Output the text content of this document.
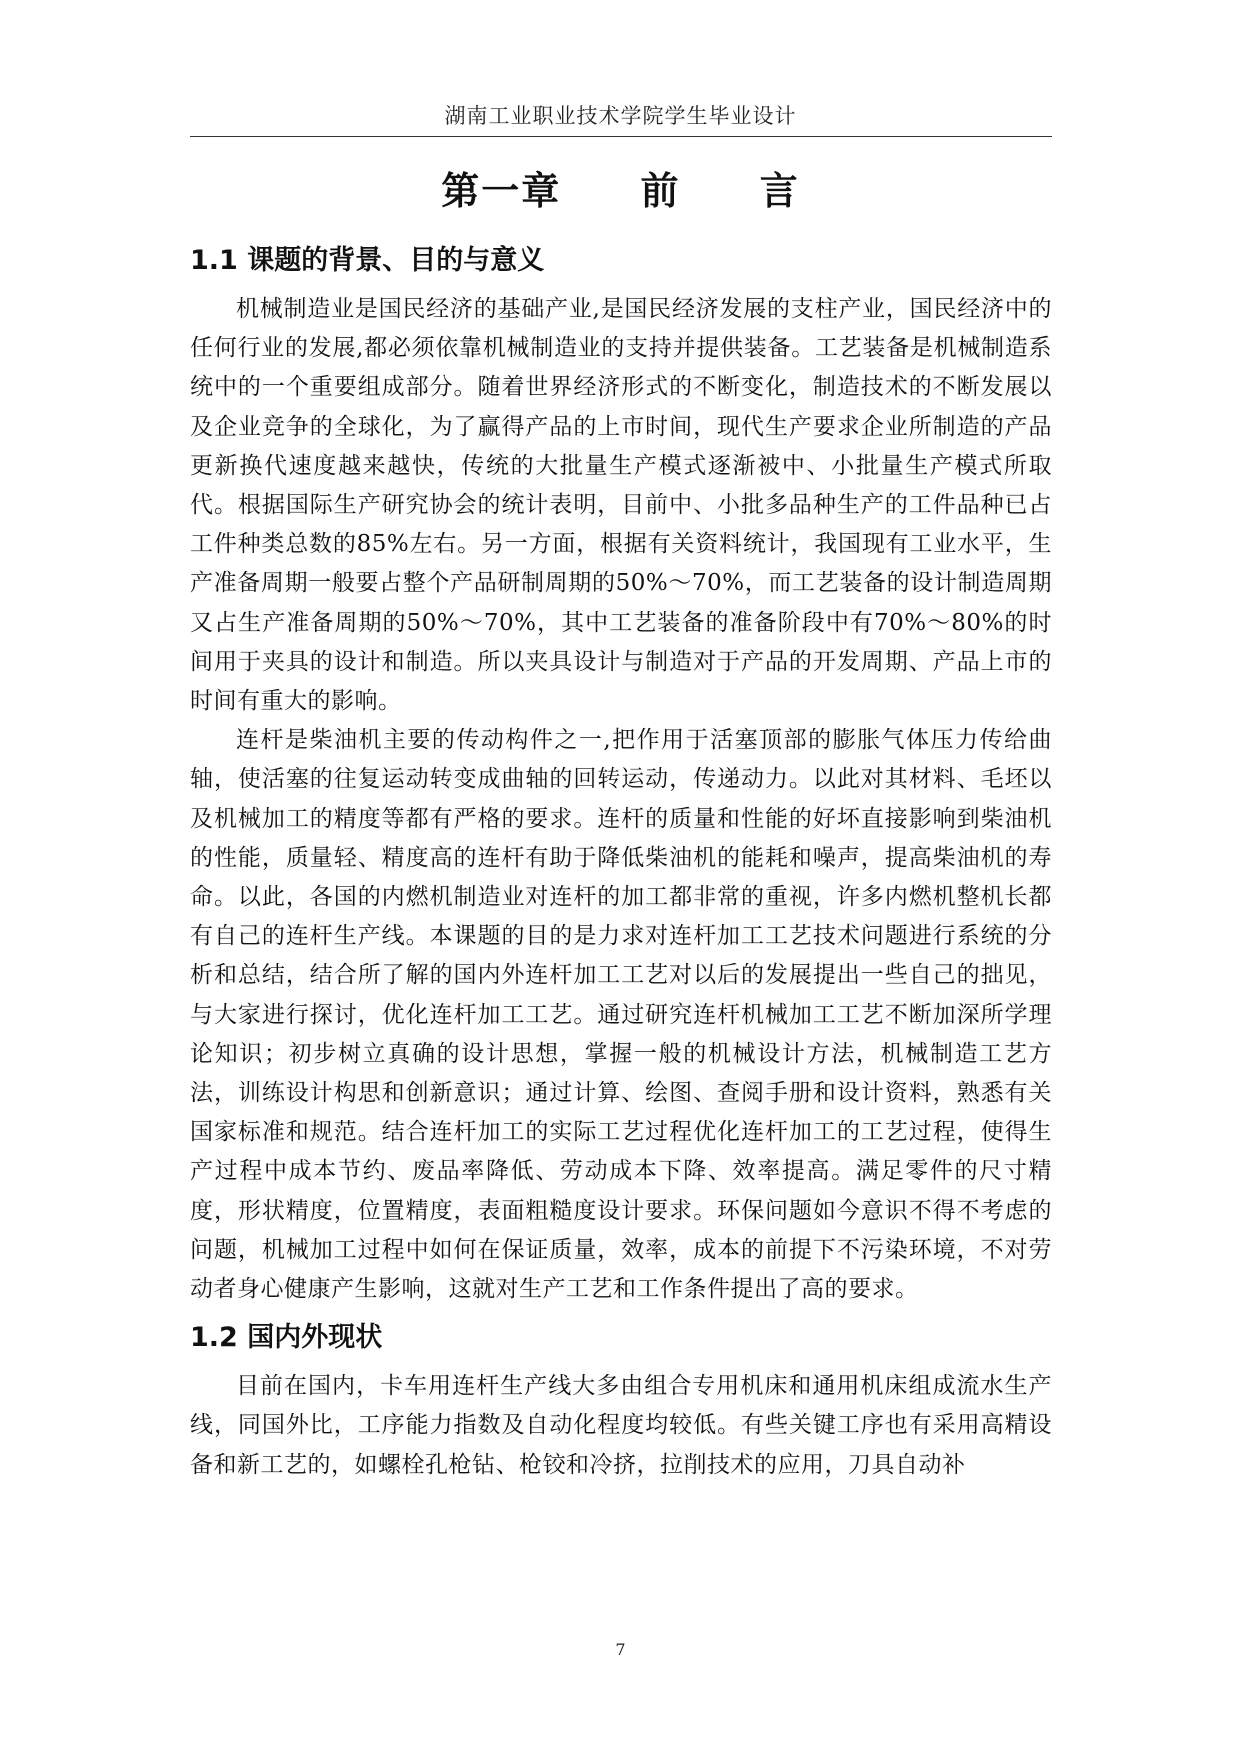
湖南工业职业技术学院学生毕业设计
第一章　 前　 言
1.1 课题的背景、目的与意义

机械制造业是国民经济的基础产业,是国民经济发展的支柱产业，国民经济中的任何行业的发展,都必须依靠机械制造业的支持并提供装备。工艺装备是机械制造系统中的一个重要组成部分。随着世界经济形式的不断变化，制造技术的不断发展以及企业竞争的全球化，为了赢得产品的上市时间，现代生产要求企业所制造的产品更新换代速度越来越快，传统的大批量生产模式逐渐被中、小批量生产模式所取代。根据国际生产研究协会的统计表明，目前中、小批多品种生产的工件品种已占工件种类总数的85%左右。另一方面，根据有关资料统计，我国现有工业水平，生产准备周期一般要占整个产品研制周期的50%～70%，而工艺装备的设计制造周期又占生产准备周期的50%～70%，其中工艺装备的准备阶段中有70%～80%的时间用于夹具的设计和制造。所以夹具设计与制造对于产品的开发周期、产品上市的时间有重大的影响。

连杆是柴油机主要的传动构件之一,把作用于活塞顶部的膨胀气体压力传给曲轴，使活塞的往复运动转变成曲轴的回转运动，传递动力。以此对其材料、毛坯以及机械加工的精度等都有严格的要求。连杆的质量和性能的好坏直接影响到柴油机的性能，质量轻、精度高的连杆有助于降低柴油机的能耗和噪声，提高柴油机的寿命。以此，各国的内燃机制造业对连杆的加工都非常的重视，许多内燃机整机长都有自己的连杆生产线。本课题的目的是力求对连杆加工工艺技术问题进行系统的分析和总结，结合所了解的国内外连杆加工工艺对以后的发展提出一些自己的拙见，与大家进行探讨，优化连杆加工工艺。通过研究连杆机械加工工艺不断加深所学理论知识；初步树立真确的设计思想，掌握一般的机械设计方法，机械制造工艺方法，训练设计构思和创新意识；通过计算、绘图、查阅手册和设计资料，熟悉有关国家标准和规范。结合连杆加工的实际工艺过程优化连杆加工的工艺过程，使得生产过程中成本节约、废品率降低、劳动成本下降、效率提高。满足零件的尺寸精度，形状精度，位置精度，表面粗糙度设计要求。环保问题如今意识不得不考虑的问题，机械加工过程中如何在保证质量，效率，成本的前提下不污染环境，不对劳动者身心健康产生影响，这就对生产工艺和工作条件提出了高的要求。

1.2 国内外现状

目前在国内，卡车用连杆生产线大多由组合专用机床和通用机床组成流水生产线，同国外比，工序能力指数及自动化程度均较低。有些关键工序也有采用高精设备和新工艺的，如螺栓孔枪钻、枪铰和冷挤，拉削技术的应用，刀具自动补

7
